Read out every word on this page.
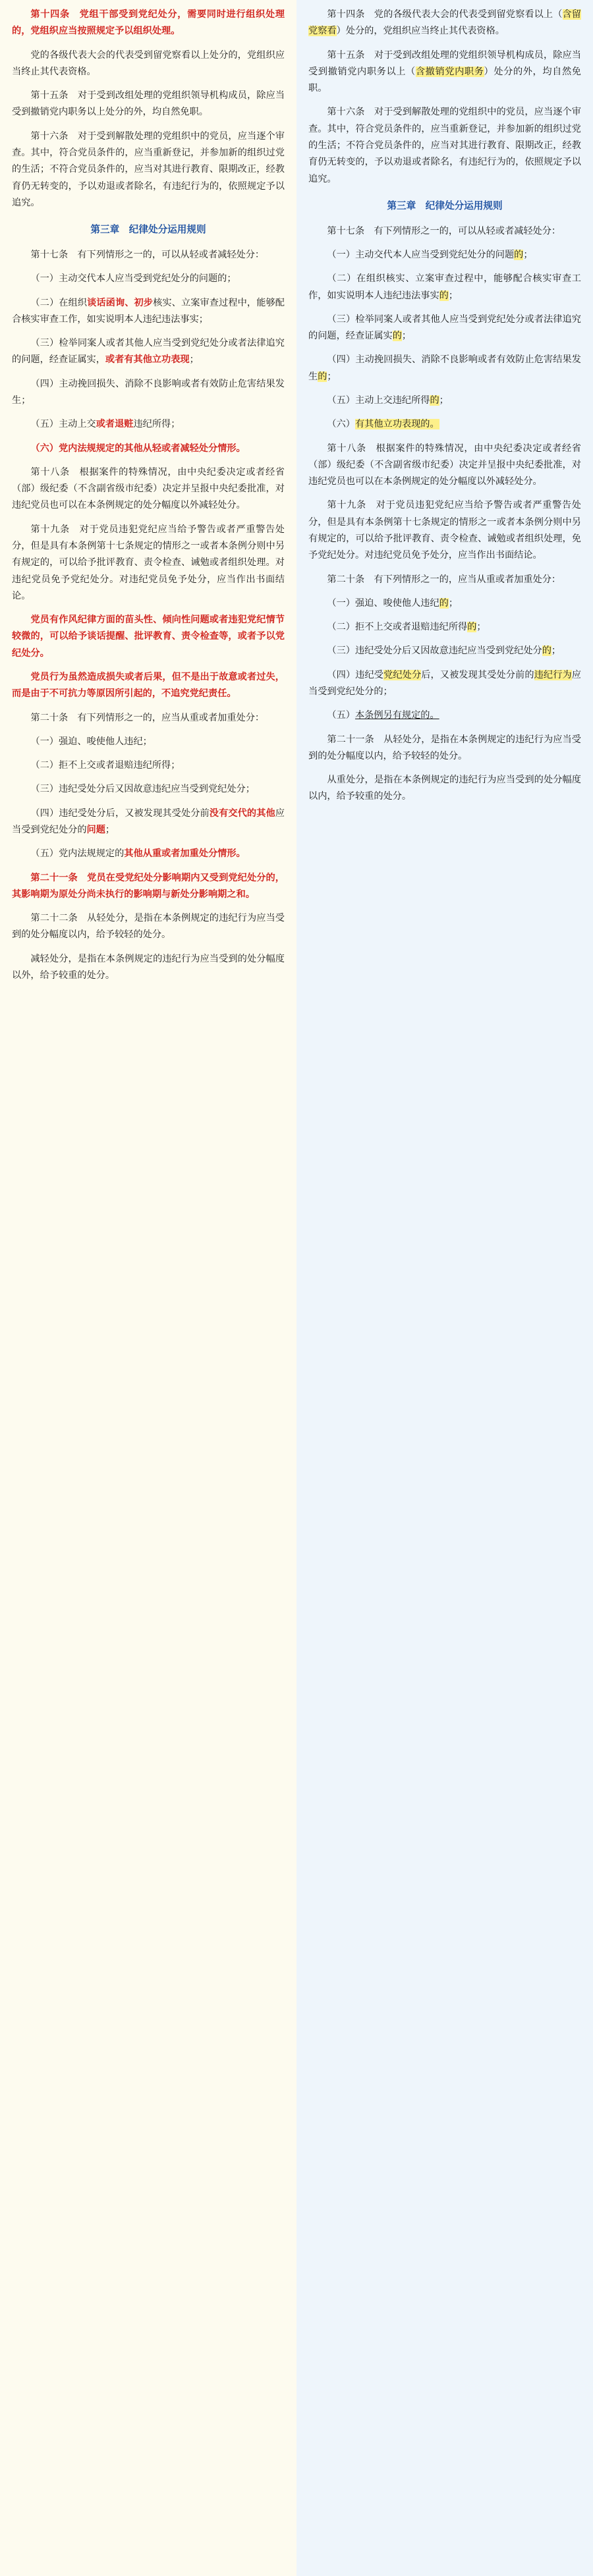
第十四条　党组干部受到党纪处分，需要同时进行组织处理的，党组织应当按照规定予以组织处理。

党的各级代表大会的代表受到留党察看以上处分的，党组织应当终止其代表资格。

第十五条　对于受到改组处理的党组织领导机构成员，除应当受到撤销党内职务以上处分的外，均自然免职。

第十六条　对于受到解散处理的党组织中的党员，应当逐个审查。其中，符合党员条件的，应当重新登记，并参加新的组织过党的生活；不符合党员条件的，应当对其进行教育、限期改正，经教育仍无转变的，予以劝退或者除名，有违纪行为的，依照规定予以追究。

第三章　纪律处分运用规则

第十七条　有下列情形之一的，可以从轻或者减轻处分：

（一）主动交代本人应当受到党纪处分的问题的；

（二）在组织谈话函询、初步核实、立案审查过程中，能够配合核实审查工作，如实说明本人违纪违法事实；

（三）检举同案人或者其他人应当受到党纪处分或者法律追究的问题，经查证属实，或者有其他立功表现；

（四）主动挽回损失、消除不良影响或者有效防止危害结果发生；

（五）主动上交或者退赃违纪所得；

（六）党内法规规定的其他从轻或者减轻处分情形。

第十八条　根据案件的特殊情况，由中央纪委决定或者经省（部）级纪委（不含副省级市纪委）决定并呈报中央纪委批准，对违纪党员也可以在本条例规定的处分幅度以外减轻处分。

第十九条　对于党员违犯党纪应当给予警告或者严重警告处分，但是具有本条例第十七条规定的情形之一或者本条例分则中另有规定的，可以给予批评教育、责令检查、诫勉或者组织处理。对违纪党员免予党纪处分。对违纪党员免予处分，应当作出书面结论。

党员有作风纪律方面的苗头性、倾向性问题或者违犯党纪情节较微的，可以给予谈话提醒、批评教育、责令检查等，或者予以党纪处分。

党员行为虽然造成损失或者后果，但不是出于故意或者过失，而是由于不可抗力等原因所引起的，不追究党纪责任。

第二十条　有下列情形之一的，应当从重或者加重处分：

（一）强迫、唆使他人违纪；

（二）拒不上交或者退赔违纪所得；

（三）违纪受处分后又因故意违纪应当受到党纪处分；

（四）违纪受处分后，又被发现其受处分前没有交代的其他应当受到党纪处分的问题；

（五）党内法规规定的其他从重或者加重处分情形。

第二十一条　党员在受党纪处分影响期内又受到党纪处分的，其影响期为原处分尚未执行的影响期与新处分影响期之和。

第二十二条　从轻处分，是指在本条例规定的违纪行为应当受到的处分幅度以内，给予较轻的处分。

减轻处分，是指在本条例规定的违纪行为应当受到的处分幅度以外，给予较重的处分。

第十四条　党的各级代表大会的代表受到留党察看以上（含留党察看）处分的，党组织应当终止其代表资格。

第十五条　对于受到改组处理的党组织领导机构成员，除应当受到撤销党内职务以上（含撤销党内职务）处分的外，均自然免职。

第十六条　对于受到解散处理的党组织中的党员，应当逐个审查。其中，符合党员条件的，应当重新登记，并参加新的组织过党的生活；不符合党员条件的，应当对其进行教育、限期改正，经教育仍无转变的，予以劝退或者除名，有违纪行为的，依照规定予以追究。

第三章　纪律处分运用规则

第十七条　有下列情形之一的，可以从轻或者减轻处分：

（一）主动交代本人应当受到党纪处分的问题的；

（二）在组织核实、立案审查过程中，能够配合核实审查工作，如实说明本人违纪违法事实的；

（三）检举同案人或者其他人应当受到党纪处分或者法律追究的问题，经查证属实的；

（四）主动挽回损失、消除不良影响或者有效防止危害结果发生的；

（五）主动上交违纪所得的；

（六）有其他立功表现的。

第十八条　根据案件的特殊情况，由中央纪委决定或者经省（部）级纪委（不含副省级市纪委）决定并呈报中央纪委批准，对违纪党员也可以在本条例规定的处分幅度以外减轻处分。

第十九条　对于党员违犯党纪应当给予警告或者严重警告处分，但是具有本条例第十七条规定的情形之一或者本条例分则中另有规定的，可以给予批评教育、责令检查、诫勉或者组织处理，免予党纪处分。对违纪党员免予处分，应当作出书面结论。

第二十条　有下列情形之一的，应当从重或者加重处分：

（一）强迫、唆使他人违纪的；

（二）拒不上交或者退赔违纪所得的；

（三）违纪受处分后又因故意违纪应当受到党纪处分的；

（四）违纪受党纪处分后，又被发现其受处分前的违纪行为应当受到党纪处分的；

（五）本条例另有规定的。

第二十一条　从轻处分，是指在本条例规定的违纪行为应当受到的处分幅度以内，给予较轻的处分。

从重处分，是指在本条例规定的违纪行为应当受到的处分幅度以内，给予较重的处分。
